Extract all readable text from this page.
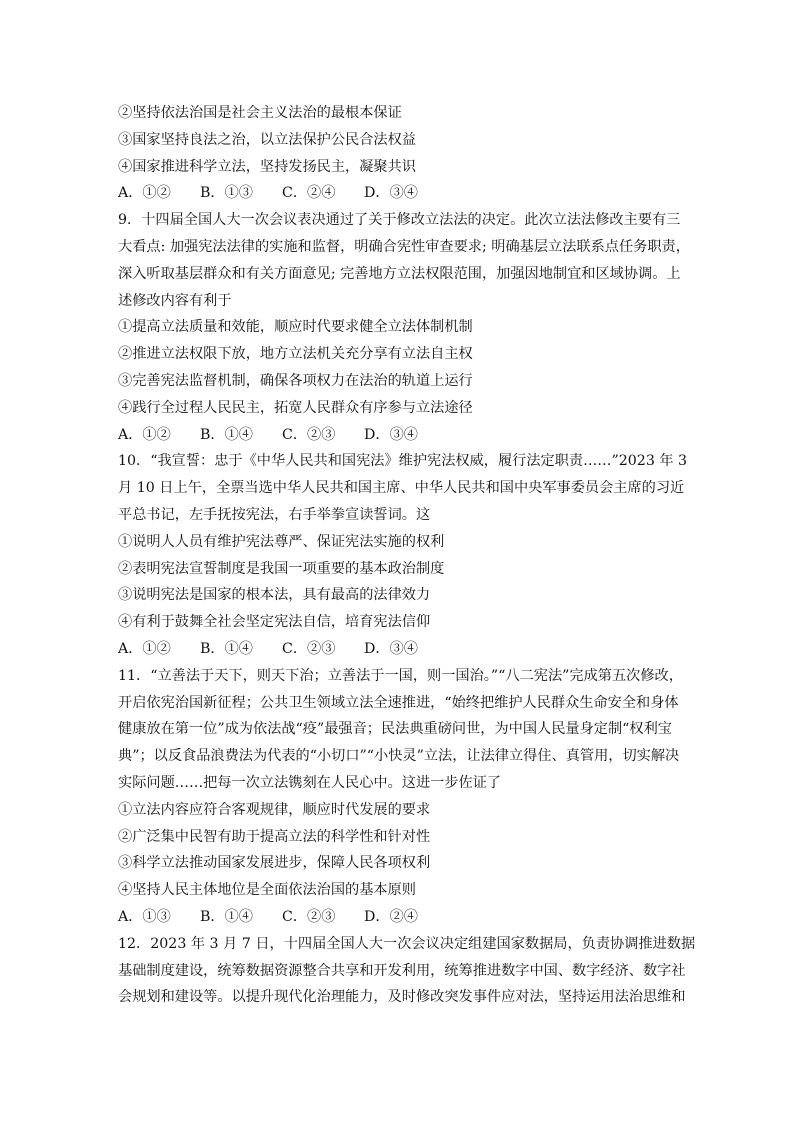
②坚持依法治国是社会主义法治的最根本保证
③国家坚持良法之治，以立法保护公民合法权益
④国家推进科学立法，坚持发扬民主，凝聚共识
A．①②	B．①③	C．②④	D．③④
9．十四届全国人大一次会议表决通过了关于修改立法法的决定。此次立法法修改主要有三
大看点: 加强宪法法律的实施和监督，明确合宪性审查要求; 明确基层立法联系点任务职责，
深入听取基层群众和有关方面意见; 完善地方立法权限范围，加强因地制宜和区域协调。上
述修改内容有利于
①提高立法质量和效能，顺应时代要求健全立法体制机制
②推进立法权限下放，地方立法机关充分享有立法自主权
③完善宪法监督机制，确保各项权力在法治的轨道上运行
④践行全过程人民民主，拓宽人民群众有序参与立法途径
A．①②	B．①④	C．②③	D．③④
10．“我宣誓：忠于《中华人民共和国宪法》维护宪法权威，履行法定职责……”2023 年 3
月 10 日上午，全票当选中华人民共和国主席、中华人民共和国中央军事委员会主席的习近
平总书记，左手抚按宪法，右手举拳宣读誓词。这
①说明人人员有维护宪法尊严、保证宪法实施的权利
②表明宪法宣誓制度是我国一项重要的基本政治制度
③说明宪法是国家的根本法，具有最高的法律效力
④有利于鼓舞全社会坚定宪法自信，培育宪法信仰
A．①②	B．①④	C．②③	D．③④
11．“立善法于天下，则天下治；立善法于一国，则一国治。”“八二宪法”完成第五次修改，
开启依宪治国新征程；公共卫生领域立法全速推进，“始终把维护人民群众生命安全和身体
健康放在第一位”成为依法战“疫”最强音；民法典重磅问世，为中国人民量身定制“权利宝
典”；以反食品浪费法为代表的“小切口”“小快灵”立法，让法律立得住、真管用，切实解决
实际问题……把每一次立法镌刻在人民心中。这进一步佐证了
①立法内容应符合客观规律，顺应时代发展的要求
②广泛集中民智有助于提高立法的科学性和针对性
③科学立法推动国家发展进步，保障人民各项权利
④坚持人民主体地位是全面依法治国的基本原则
A．①③	B．①④	C．②③	D．②④
12．2023 年 3 月 7 日，十四届全国人大一次会议决定组建国家数据局，负责协调推进数据
基础制度建设，统筹数据资源整合共享和开发利用，统筹推进数字中国、数字经济、数字社
会规划和建设等。以提升现代化治理能力，及时修改突发事件应对法，坚持运用法治思维和
